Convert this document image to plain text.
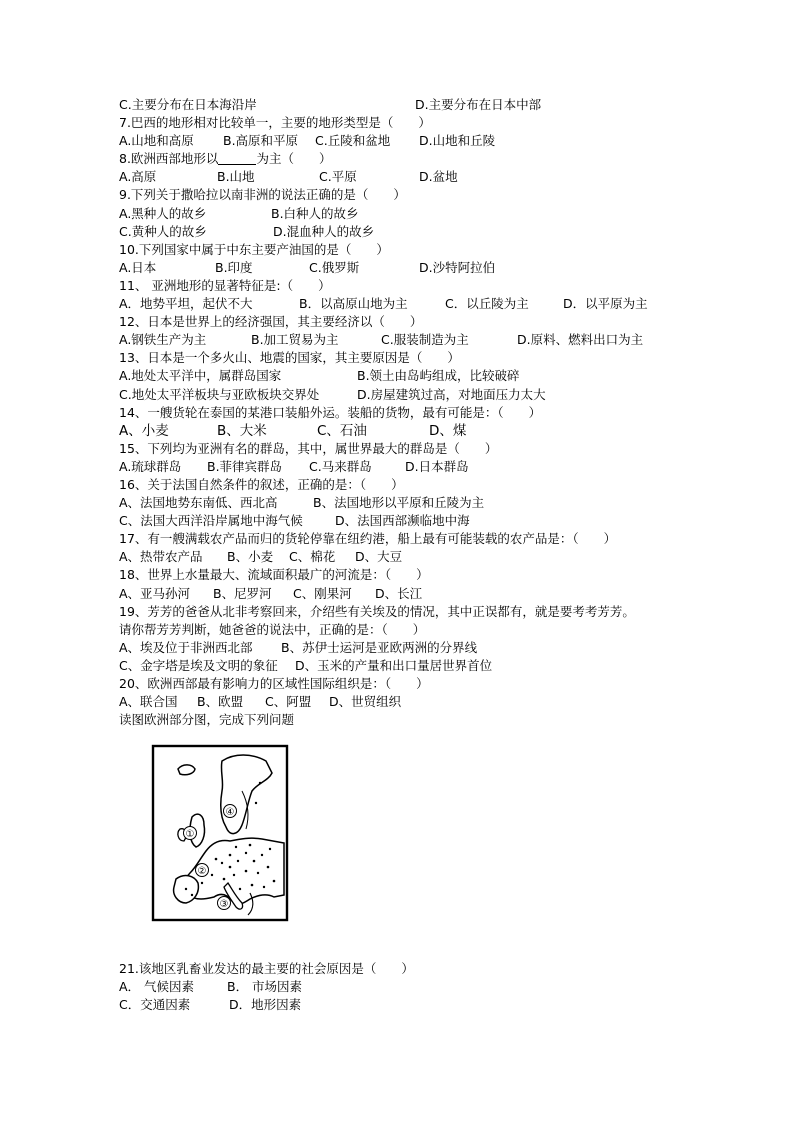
C.主要分布在日本海沿岸	D.主要分布在日本中部
7.巴西的地形相对比较单一，主要的地形类型是（　　）
A.山地和高原 B.高原和平原 C.丘陵和盆地 D.山地和丘陵
8.欧洲西部地形以	为主（　　）
A.高原	B.山地	C.平原	D.盆地
9.下列关于撒哈拉以南非洲的说法正确的是（　　）
A.黑种人的故乡	B.白种人的故乡
C.黄种人的故乡	D.混血种人的故乡
10.下列国家中属于中东主要产油国的是（　　）
A.日本	B.印度	C.俄罗斯	D.沙特阿拉伯
11、 亚洲地形的显著特征是:（　　）
A．地势平坦，起伏不大	B．以高原山地为主	C．以丘陵为主	D．以平原为主
12、日本是世界上的经济强国，其主要经济以（　　）
A.钢铁生产为主	B.加工贸易为主	C.服装制造为主	D.原料、燃料出口为主
13、日本是一个多火山、地震的国家，其主要原因是（　　）
A.地处太平洋中，属群岛国家	B.领土由岛屿组成，比较破碎
C.地处太平洋板块与亚欧板块交界处	D.房屋建筑过高，对地面压力太大
14、一艘货轮在泰国的某港口装船外运。装船的货物，最有可能是：（　　）
A、小麦	B、大米	C、石油	D、煤
15、下列均为亚洲有名的群岛，其中，属世界最大的群岛是（　　）
A.琉球群岛 B.菲律宾群岛 C.马来群岛	D.日本群岛
16、关于法国自然条件的叙述，正确的是：（　　）
A、法国地势东南低、西北高	B、法国地形以平原和丘陵为主
C、法国大西洋沿岸属地中海气候	D、法国西部濒临地中海
17、有一艘满载农产品而归的货轮停靠在纽约港，船上最有可能装载的农产品是：（　　）
A、热带农产品 B、小麦 C、棉花 D、大豆
18、世界上水量最大、流域面积最广的河流是：（　　）
A、亚马孙河 B、尼罗河 C、刚果河 D、长江
19、芳芳的爸爸从北非考察回来，介绍些有关埃及的情况，其中正误都有，就是要考考芳芳。
请你帮芳芳判断，她爸爸的说法中，正确的是：（　　）
A、埃及位于非洲西北部 B、苏伊士运河是亚欧两洲的分界线
C、金字塔是埃及文明的象征 D、玉米的产量和出口量居世界首位
20、欧洲西部最有影响力的区域性国际组织是：（　　）
A、联合国 B、欧盟 C、阿盟 D、世贸组织
读图欧洲部分图，完成下列问题
④
①
②
③
21.该地区乳畜业发达的最主要的社会原因是（　　）
A． 气候因素	B． 市场因素
C．交通因素	D．地形因素
